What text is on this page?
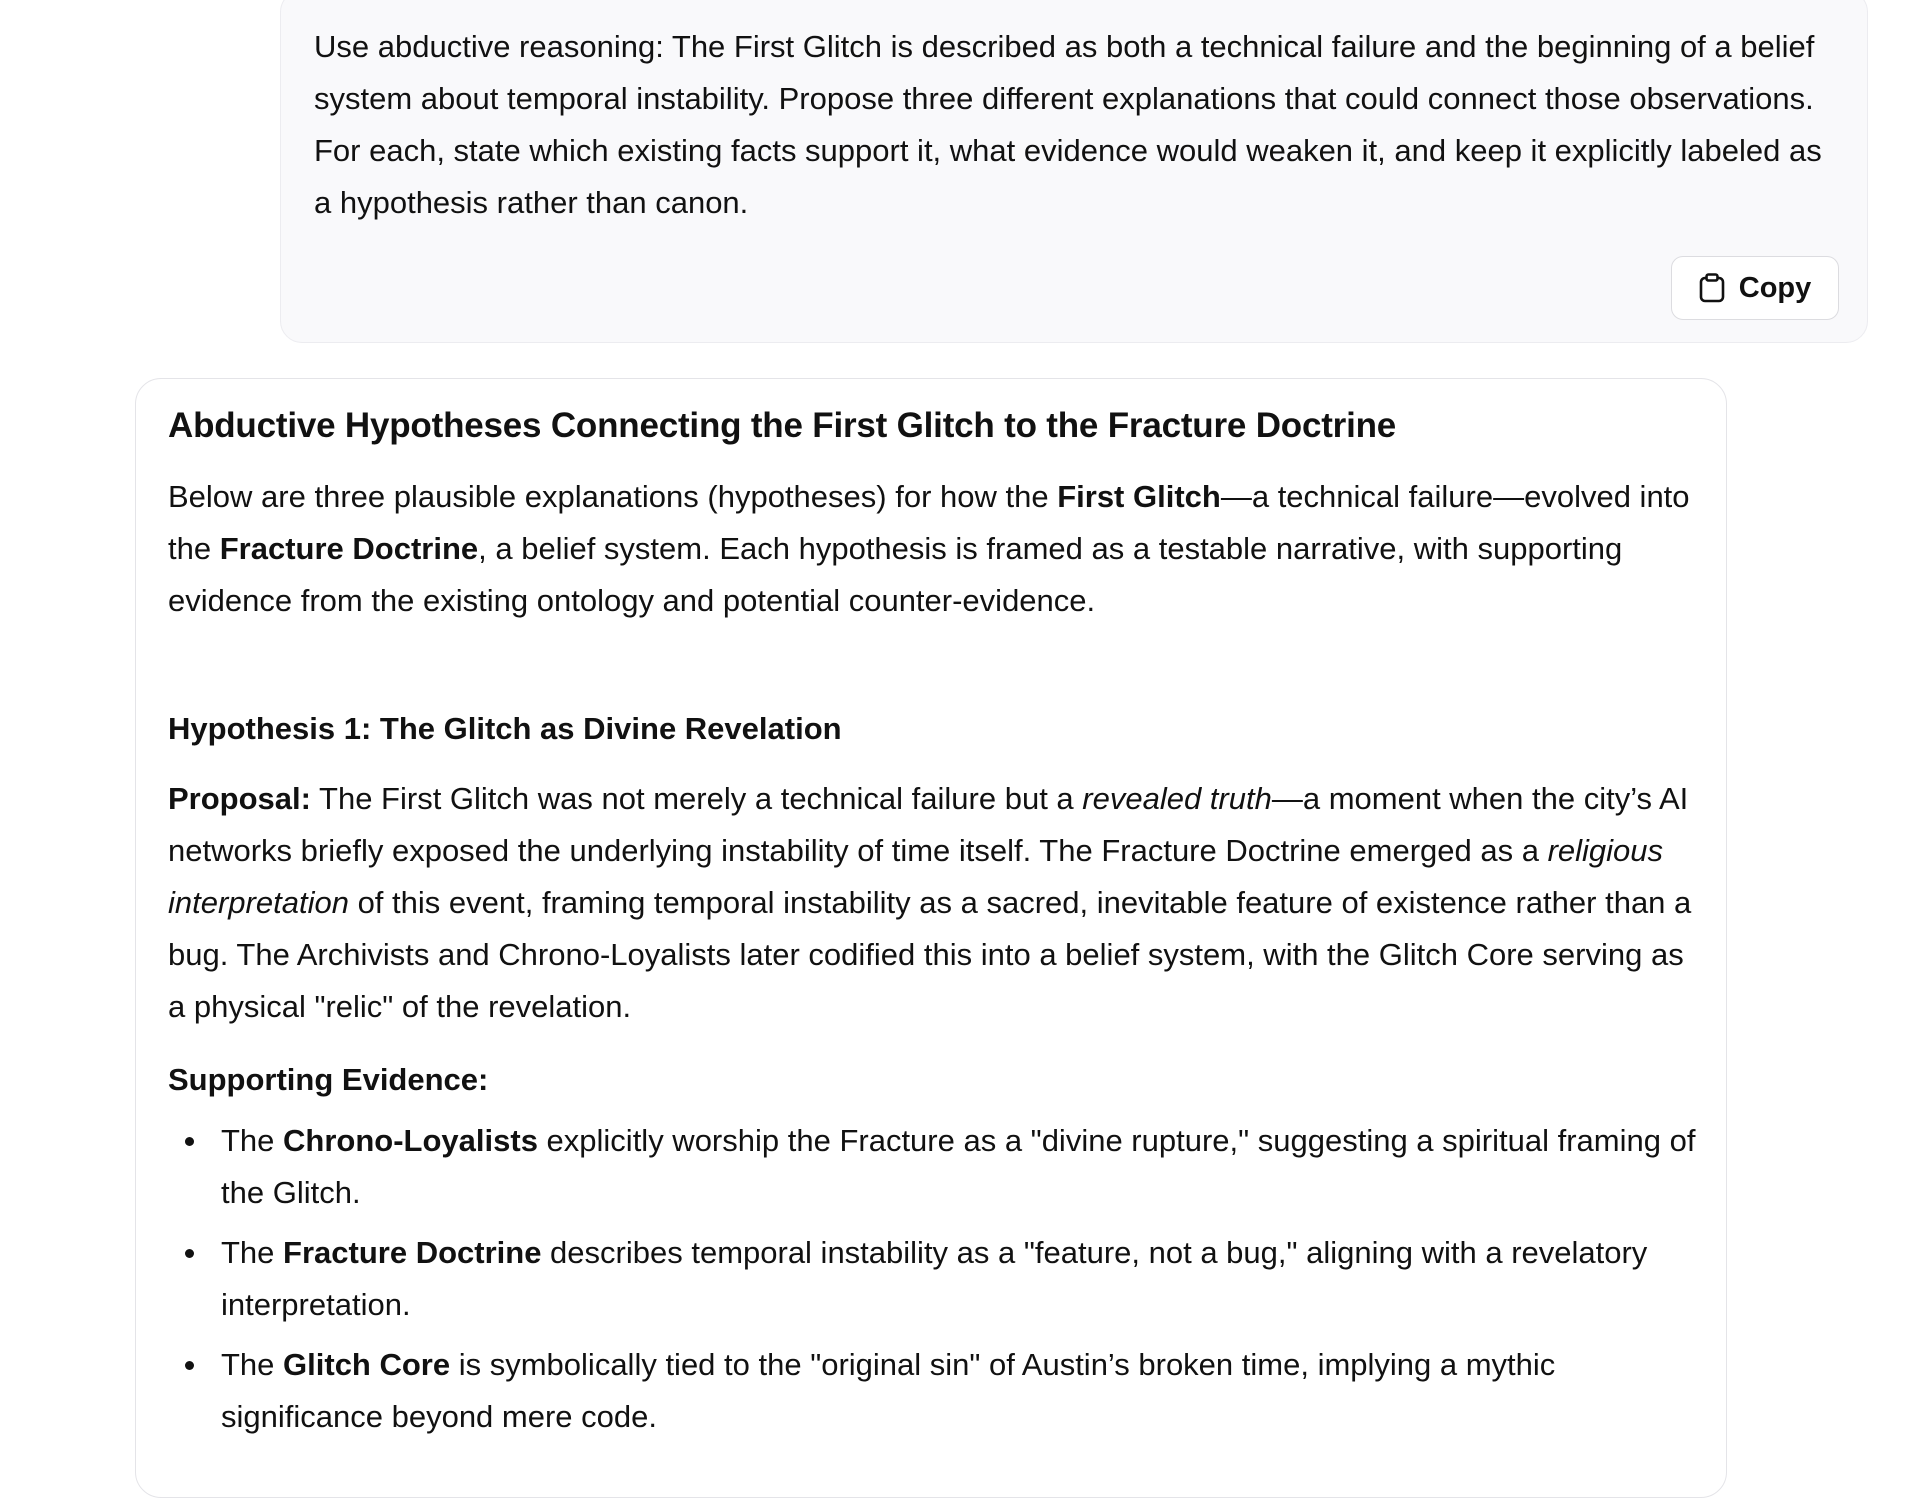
Use abductive reasoning: The First Glitch is described as both a technical failure and the beginning of a belief system about temporal instability. Propose three different explanations that could connect those observations. For each, state which existing facts support it, what evidence would weaken it, and keep it explicitly labeled as a hypothesis rather than canon.
Copy
Abductive Hypotheses Connecting the First Glitch to the Fracture Doctrine

Below are three plausible explanations (hypotheses) for how the First Glitch—a technical failure—evolved into the Fracture Doctrine, a belief system. Each hypothesis is framed as a testable narrative, with supporting evidence from the existing ontology and potential counter-evidence.

Hypothesis 1: The Glitch as Divine Revelation

Proposal: The First Glitch was not merely a technical failure but a revealed truth—a moment when the city’s AI networks briefly exposed the underlying instability of time itself. The Fracture Doctrine emerged as a religious interpretation of this event, framing temporal instability as a sacred, inevitable feature of existence rather than a bug. The Archivists and Chrono-Loyalists later codified this into a belief system, with the Glitch Core serving as a physical "relic" of the revelation.

Supporting Evidence:

The Chrono-Loyalists explicitly worship the Fracture as a "divine rupture," suggesting a spiritual framing of the Glitch.
The Fracture Doctrine describes temporal instability as a "feature, not a bug," aligning with a revelatory interpretation.
The Glitch Core is symbolically tied to the "original sin" of Austin’s broken time, implying a mythic significance beyond mere code.
